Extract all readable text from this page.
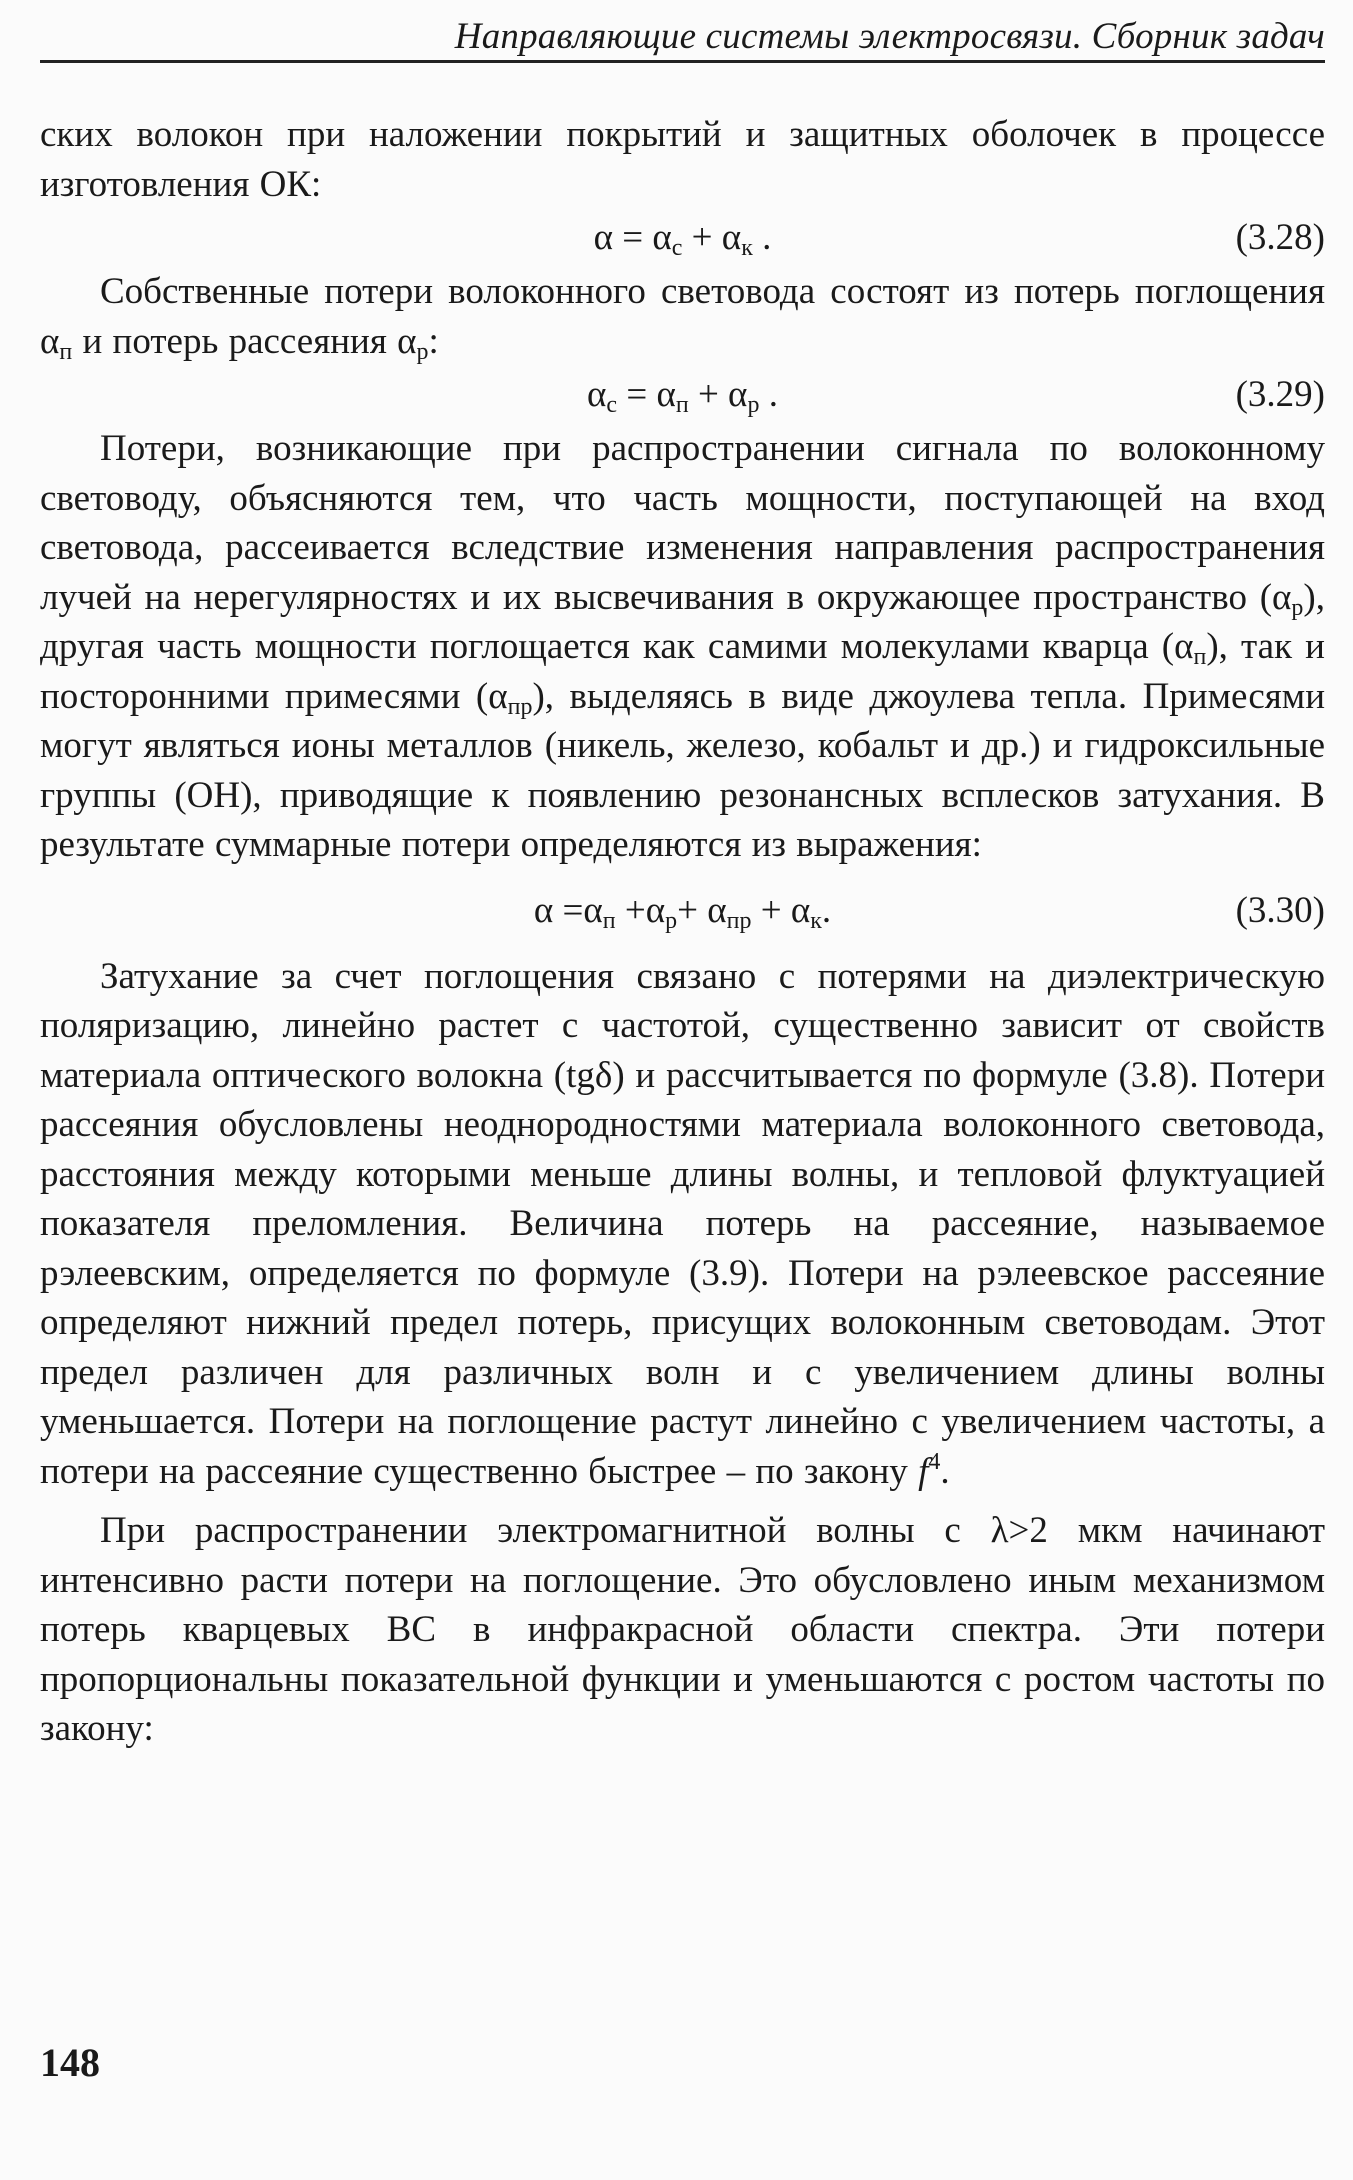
Направляющие системы электросвязи. Сборник задач

ских волокон при наложении покрытий и защитных оболочек в процессе изготовления ОК:

$\alpha = \alpha_с + \alpha_к$ .	(3.28)

Собственные потери волоконного световода состоят из потерь поглощения $\alpha_п$ и потерь рассеяния $\alpha_р$:

$\alpha_с = \alpha_п + \alpha_р$ .	(3.29)

Потери, возникающие при распространении сигнала по волоконному световоду, объясняются тем, что часть мощности, поступающей на вход световода, рассеивается вследствие изменения направления распространения лучей на нерегулярностях и их высвечивания в окружающее пространство $(\alpha_р)$, другая часть мощности поглощается как самими молекулами кварца $(\alpha_п)$, так и посторонними примесями $(\alpha_{пр})$, выделяясь в виде джоулева тепла. Примесями могут являться ионы металлов (никель, железо, кобальт и др.) и гидроксильные группы (OH), приводящие к появлению резонансных всплесков затухания. В результате суммарные потери определяются из выражения:

$\alpha =\alpha_п +\alpha_р+ \alpha_{пр} + \alpha_к$.	(3.30)

Затухание за счет поглощения связано с потерями на диэлектрическую поляризацию, линейно растет с частотой, существенно зависит от свойств материала оптического волокна (tgδ) и рассчитывается по формуле (3.8). Потери рассеяния обусловлены неоднородностями материала волоконного световода, расстояния между которыми меньше длины волны, и тепловой флуктуацией показателя преломления. Величина потерь на рассеяние, называемое рэлеевским, определяется по формуле (3.9). Потери на рэлеевское рассеяние определяют нижний предел потерь, присущих волоконным световодам. Этот предел различен для различных волн и с увеличением длины волны уменьшается. Потери на поглощение растут линейно с увеличением частоты, а потери на рассеяние существенно быстрее – по закону $f^4$.

При распространении электромагнитной волны с λ>2 мкм начинают интенсивно расти потери на поглощение. Это обусловлено иным механизмом потерь кварцевых ВС в инфракрасной области спектра. Эти потери пропорциональны показательной функции и уменьшаются с ростом частоты по закону:

148
